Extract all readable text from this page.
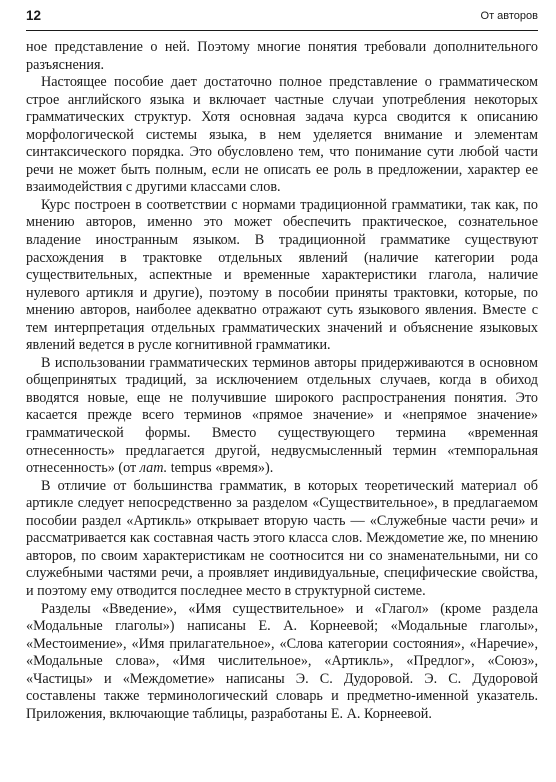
12	От авторов

ное представление о ней. Поэтому многие понятия требовали дополнительного разъяснения.

Настоящее пособие дает достаточно полное представление о грамматическом строе английского языка и включает частные случаи употребления некоторых грамматических структур. Хотя основная задача курса сводится к описанию морфологической системы языка, в нем уделяется внимание и элементам синтаксического порядка. Это обусловлено тем, что понимание сути любой части речи не может быть полным, если не описать ее роль в предложении, характер ее взаимодействия с другими классами слов.

Курс построен в соответствии с нормами традиционной грамматики, так как, по мнению авторов, именно это может обеспечить практическое, сознательное владение иностранным языком. В традиционной грамматике существуют расхождения в трактовке отдельных явлений (наличие категории рода существительных, аспектные и временные характеристики глагола, наличие нулевого артикля и другие), поэтому в пособии приняты трактовки, которые, по мнению авторов, наиболее адекватно отражают суть языкового явления. Вместе с тем интерпретация отдельных грамматических значений и объяснение языковых явлений ведется в русле когнитивной грамматики.

В использовании грамматических терминов авторы придерживаются в основном общепринятых традиций, за исключением отдельных случаев, когда в обиход вводятся новые, еще не получившие широкого распространения понятия. Это касается прежде всего терминов «прямое значение» и «непрямое значение» грамматической формы. Вместо существующего термина «временная отнесенность» предлагается другой, недвусмысленный термин «темпоральная отнесенность» (от лат. tempus «время»).

В отличие от большинства грамматик, в которых теоретический материал об артикле следует непосредственно за разделом «Существительное», в предлагаемом пособии раздел «Артикль» открывает вторую часть — «Служебные части речи» и рассматривается как составная часть этого класса слов. Междометие же, по мнению авторов, по своим характеристикам не соотносится ни со знаменательными, ни со служебными частями речи, а проявляет индивидуальные, специфические свойства, и поэтому ему отводится последнее место в структурной системе.

Разделы «Введение», «Имя существительное» и «Глагол» (кроме раздела «Модальные глаголы») написаны Е. А. Корнеевой; «Модальные глаголы», «Местоимение», «Имя прилагательное», «Слова категории состояния», «Наречие», «Модальные слова», «Имя числительное», «Артикль», «Предлог», «Союз», «Частицы» и «Междометие» написаны Э. С. Дудоровой. Э. С. Дудоровой составлены также терминологический словарь и предметно-именной указатель. Приложения, включающие таблицы, разработаны Е. А. Корнеевой.
